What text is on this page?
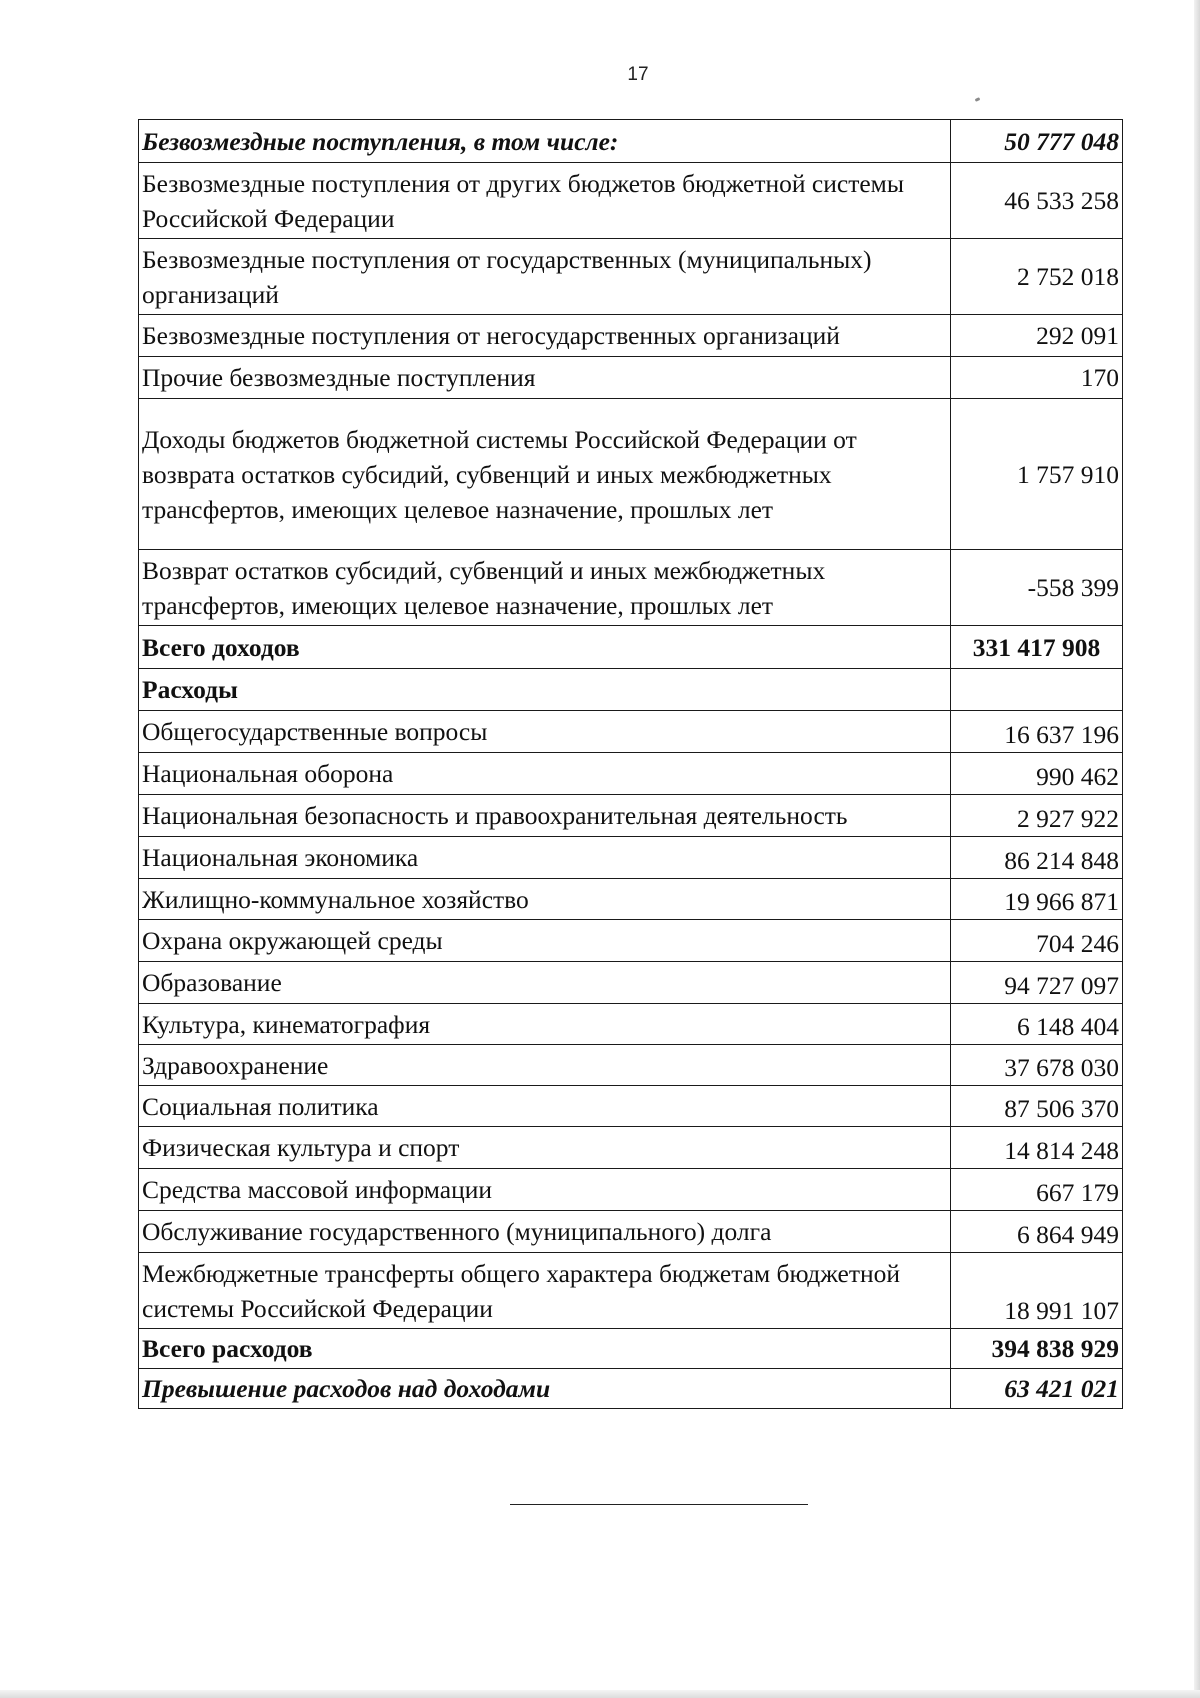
17
Безвозмездные поступления, в том числе:	50 777 048
Безвозмездные поступления от других бюджетов бюджетной системы Российской Федерации	46 533 258
Безвозмездные поступления от государственных (муниципальных) организаций	2 752 018
Безвозмездные поступления от негосударственных организаций	292 091
Прочие безвозмездные поступления	170
Доходы бюджетов бюджетной системы Российской Федерации от возврата остатков субсидий, субвенций и иных межбюджетных трансфертов, имеющих целевое назначение, прошлых лет	1 757 910
Возврат остатков субсидий, субвенций и иных межбюджетных трансфертов, имеющих целевое назначение, прошлых лет	-558 399
Всего доходов	331 417 908
Расходы	
Общегосударственные вопросы	16 637 196
Национальная оборона	990 462
Национальная безопасность и правоохранительная деятельность	2 927 922
Национальная экономика	86 214 848
Жилищно-коммунальное хозяйство	19 966 871
Охрана окружающей среды	704 246
Образование	94 727 097
Культура, кинематография	6 148 404
Здравоохранение	37 678 030
Социальная политика	87 506 370
Физическая культура и спорт	14 814 248
Средства массовой информации	667 179
Обслуживание государственного (муниципального) долга	6 864 949
Межбюджетные трансферты общего характера бюджетам бюджетной системы Российской Федерации	18 991 107
Всего расходов	394 838 929
Превышение расходов над доходами	63 421 021
